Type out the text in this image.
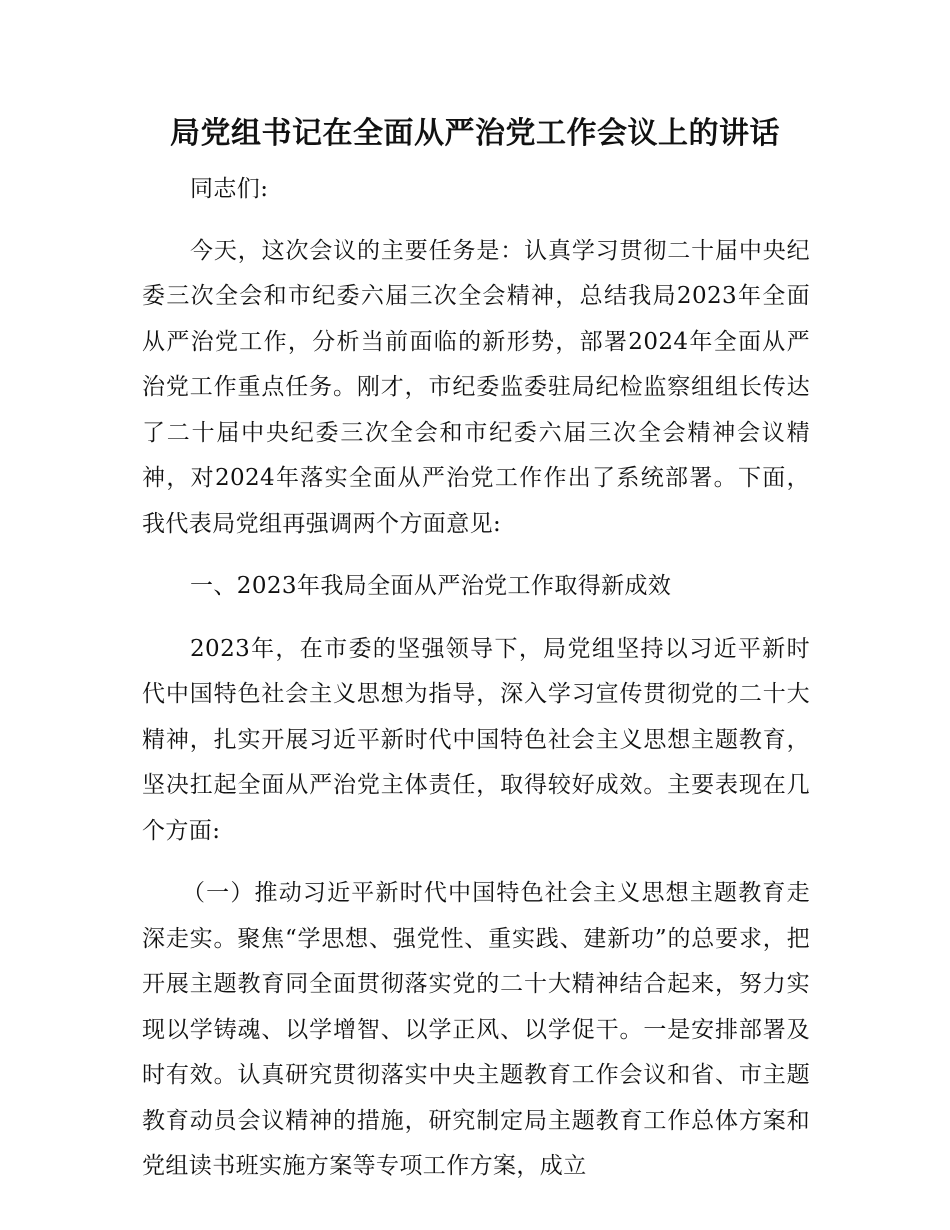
局党组书记在全面从严治党工作会议上的讲话

同志们:

今天，这次会议的主要任务是：认真学习贯彻二十届中央纪委三次全会和市纪委六届三次全会精神，总结我局2023年全面从严治党工作，分析当前面临的新形势，部署2024年全面从严治党工作重点任务。刚才，市纪委监委驻局纪检监察组组长传达了二十届中央纪委三次全会和市纪委六届三次全会精神会议精神，对2024年落实全面从严治党工作作出了系统部署。下面，我代表局党组再强调两个方面意见:

一、2023年我局全面从严治党工作取得新成效

2023年，在市委的坚强领导下，局党组坚持以习近平新时代中国特色社会主义思想为指导，深入学习宣传贯彻党的二十大精神，扎实开展习近平新时代中国特色社会主义思想主题教育，坚决扛起全面从严治党主体责任，取得较好成效。主要表现在几个方面:

（一）推动习近平新时代中国特色社会主义思想主题教育走深走实。聚焦“学思想、强党性、重实践、建新功”的总要求，把开展主题教育同全面贯彻落实党的二十大精神结合起来，努力实现以学铸魂、以学增智、以学正风、以学促干。一是安排部署及时有效。认真研究贯彻落实中央主题教育工作会议和省、市主题教育动员会议精神的措施，研究制定局主题教育工作总体方案和党组读书班实施方案等专项工作方案，成立
